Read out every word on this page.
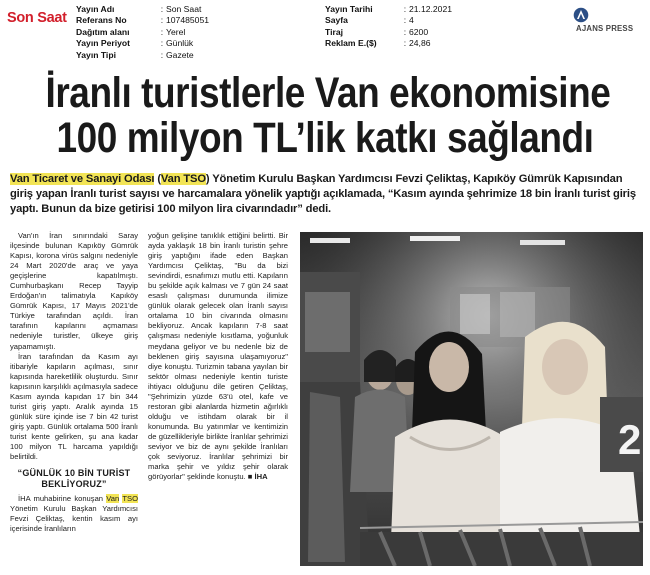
Son Saat
Yayın Adı	: Son Saat
Referans No	: 107485051
Dağıtım alanı	: Yerel
Yayın Periyot	: Günlük
Yayın Tipi	: Gazete
Yayın Tarihi	: 21.12.2021
Sayfa	: 4
Tiraj	: 6200
Reklam E.($)	: 24,86
AJANS PRESS
İranlı turistlerle Van ekonomisine
100 milyon TL’lik katkı sağlandı
Van Ticaret ve Sanayi Odası (Van TSO) Yönetim Kurulu Başkan Yardımcısı Fevzi Çeliktaş, Kapıköy Gümrük Kapısından giriş yapan İranlı turist sayısı ve harcamalara yönelik yaptığı açıklamada, “Kasım ayında şehrimize 18 bin İranlı turist giriş yaptı. Bunun da bize getirisi 100 milyon lira civarındadır” dedi.

Van'ın İran sınırındaki Saray ilçesinde bulunan Kapıköy Gümrük Kapısı, korona virüs salgını nedeniyle 24 Mart 2020'de araç ve yaya geçişlerine kapatılmıştı. Cumhurbaşkanı Recep Tayyip Erdoğan'ın talimatıyla Kapıköy Gümrük Kapısı, 17 Mayıs 2021'de Türkiye tarafından açıldı. İran tarafının kapılarını açmaması nedeniyle turistler, ülkeye giriş yapamamıştı.

İran tarafından da Kasım ayı itibariyle kapıların açılması, sınır kapısında hareketlilik oluşturdu. Sınır kapısının karşılıklı açılmasıyla sadece Kasım ayında kapıdan 17 bin 344 turist giriş yaptı. Aralık ayında 15 günlük süre içinde ise 7 bin 42 turist giriş yaptı. Günlük ortalama 500 İranlı turist kente gelirken, şu ana kadar 100 milyon TL harcama yapıldığı belirtildi.

“GÜNLÜK 10 BİN TURİST BEKLİYORUZ”

İHA muhabirine konuşan Van TSO Yönetim Kurulu Başkan Yardımcısı Fevzi Çeliktaş, kentin kasım ayı içerisinde İranlıların

yoğun gelişine tanıklık ettiğini belirtti. Bir ayda yaklaşık 18 bin İranlı turistin şehre giriş yaptığını ifade eden Başkan Yardımcısı Çeliktaş, "Bu da bizi sevindirdi, esnafımızı mutlu etti. Kapıların bu şekilde açık kalması ve 7 gün 24 saat esaslı çalışması durumunda ilimize günlük olarak gelecek olan İranlı sayısı ortalama 10 bin civarında olmasını bekliyoruz. Ancak kapıların 7-8 saat çalışması nedeniyle kısıtlama, yoğunluk meydana geliyor ve bu nedenle biz de beklenen giriş sayısına ulaşamıyoruz" diye konuştu. Turizmin tabana yayılan bir sektör olması nedeniyle kentin turiste ihtiyacı olduğunu dile getiren Çeliktaş, "Şehrimizin yüzde 63'ü otel, kafe ve restoran gibi alanlarda hizmetin ağırlıklı olduğu ve istihdam olarak bir il konumunda. Bu yatırımlar ve kentimizin de güzellikleriyle birlikte İranlılar şehrimizi seviyor ve biz de aynı şekilde İranlıları çok seviyoruz. İranlılar şehrimizi bir marka şehir ve yıldız şehir olarak görüyorlar" şeklinde konuştu. ■ İHA

2
